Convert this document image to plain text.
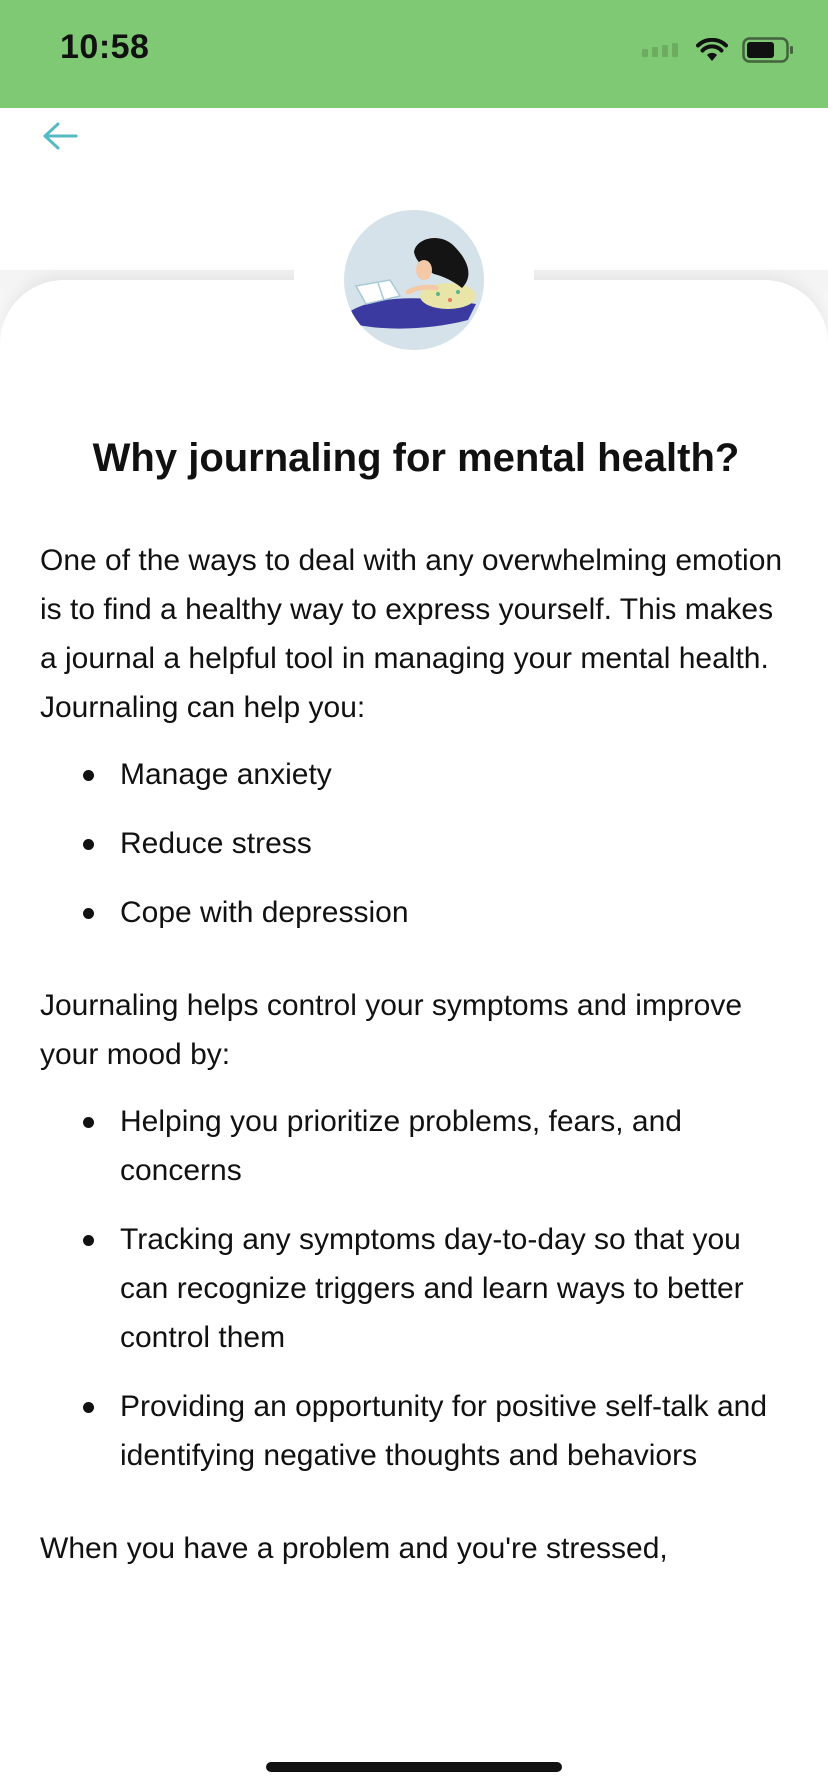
10:58
Why journaling for mental health?

One of the ways to deal with any overwhelming emotion is to find a healthy way to express yourself. This makes a journal a helpful tool in managing your mental health. Journaling can help you:

Manage anxiety
Reduce stress
Cope with depression

Journaling helps control your symptoms and improve your mood by:

Helping you prioritize problems, fears, and concerns
Tracking any symptoms day-to-day so that you can recognize triggers and learn ways to better control them
Providing an opportunity for positive self-talk and identifying negative thoughts and behaviors

When you have a problem and you're stressed,
